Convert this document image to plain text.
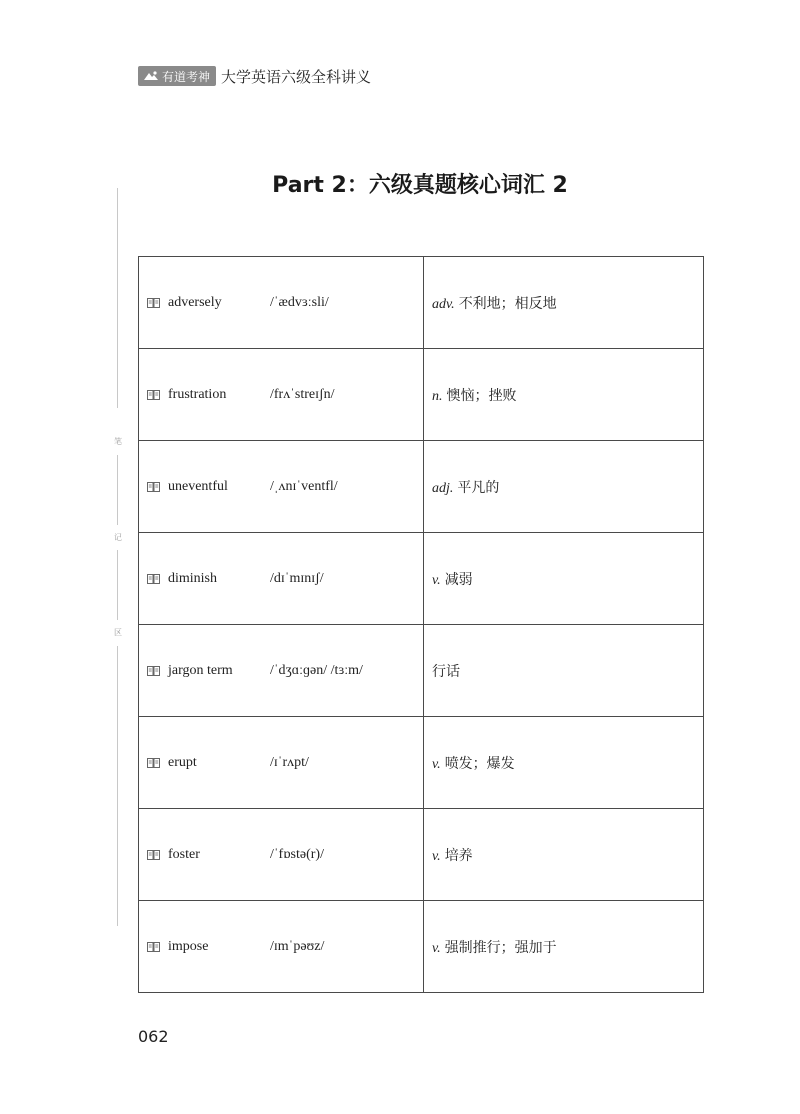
有道考神 大学英语六级全科讲义
笔
记
区
Part 2：六级真题核心词汇 2
adversely /ˈædvɜːsli/	adv. 不利地；相反地

frustration /frʌˈstreɪʃn/	n. 懊恼；挫败

uneventful /ˌʌnɪˈventfl/	adj. 平凡的

diminish /dɪˈmɪnɪʃ/	v. 减弱

jargon term /ˈdʒɑːɡən/ /tɜːm/	行话

erupt /ɪˈrʌpt/	v. 喷发；爆发

foster /ˈfɒstə(r)/	v. 培养

impose /ɪmˈpəʊz/	v. 强制推行；强加于
062
